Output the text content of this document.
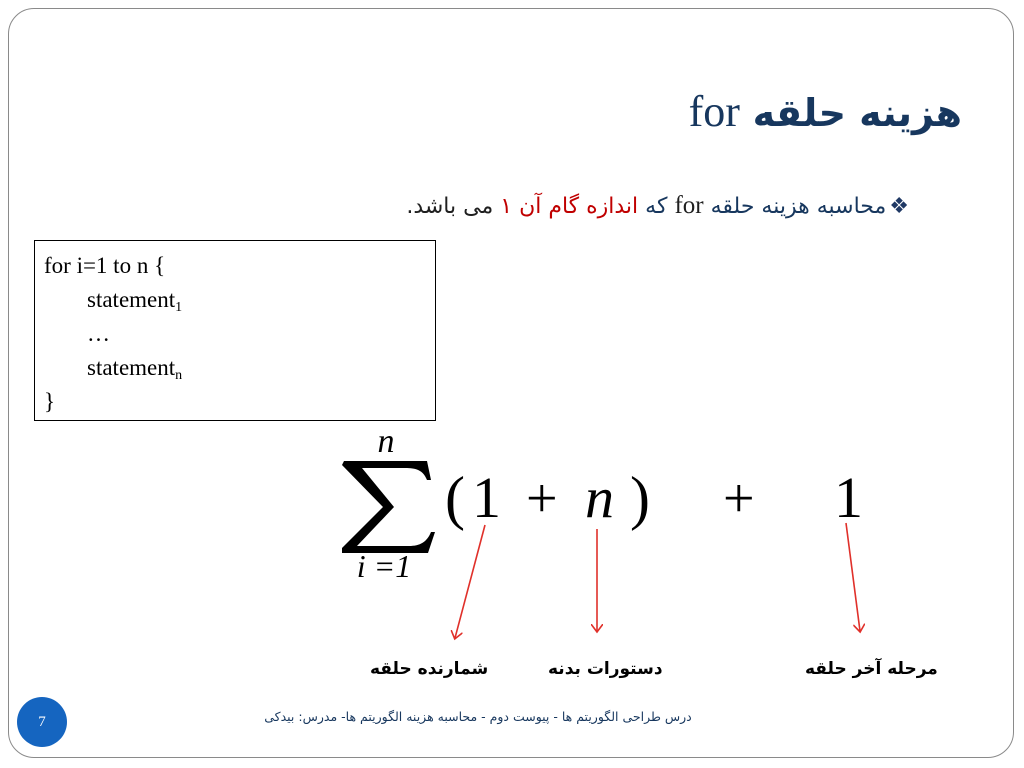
هزینه حلقه for
❖محاسبه هزینه حلقه for که اندازه گام آن ۱ می باشد.
for i=1 to n {
statement$_1$
…
statement$_n$
}
n
i =1
( 1 + n ) + 1
شمارنده حلقه	دستورات بدنه	مرحله آخر حلقه
7	درس طراحی الگوریتم ها - پیوست دوم - محاسبه هزینه الگوریتم ها- مدرس: بیدکی
